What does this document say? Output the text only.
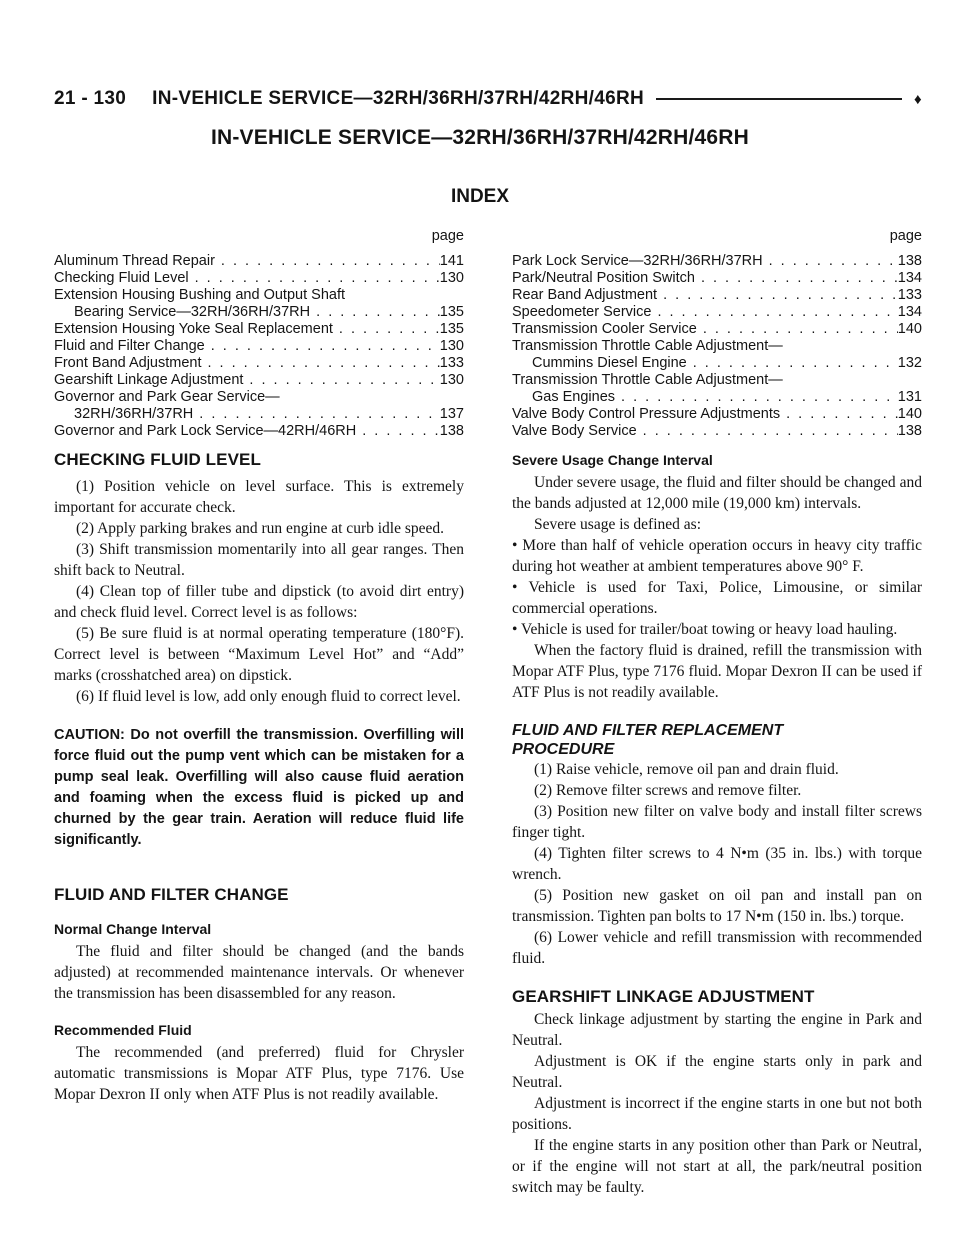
21 - 130 IN-VEHICLE SERVICE—32RH/36RH/37RH/42RH/46RH	♦
IN-VEHICLE SERVICE—32RH/36RH/37RH/42RH/46RH
INDEX
page
Aluminum Thread Repair . . .	141
Checking Fluid Level . . .	130
Extension Housing Bushing and Output Shaft
Bearing Service—32RH/36RH/37RH . . .	135
Extension Housing Yoke Seal Replacement . . .	135
Fluid and Filter Change . . .	130
Front Band Adjustment . . .	133
Gearshift Linkage Adjustment . . .	130
Governor and Park Gear Service—
32RH/36RH/37RH . . .	137
Governor and Park Lock Service—42RH/46RH . . .	138
page
Park Lock Service—32RH/36RH/37RH . . .	138
Park/Neutral Position Switch . . .	134
Rear Band Adjustment . . .	133
Speedometer Service . . .	134
Transmission Cooler Service . . .	140
Transmission Throttle Cable Adjustment—
Cummins Diesel Engine . . .	132
Transmission Throttle Cable Adjustment—
Gas Engines . . .	131
Valve Body Control Pressure Adjustments . . .	140
Valve Body Service . . .	138
CHECKING FLUID LEVEL

(1) Position vehicle on level surface. This is extremely important for accurate check.

(2) Apply parking brakes and run engine at curb idle speed.

(3) Shift transmission momentarily into all gear ranges. Then shift back to Neutral.

(4) Clean top of filler tube and dipstick (to avoid dirt entry) and check fluid level. Correct level is as follows:

(5) Be sure fluid is at normal operating temperature (180°F). Correct level is between “Maximum Level Hot” and “Add” marks (crosshatched area) on dipstick.

(6) If fluid level is low, add only enough fluid to correct level.

CAUTION: Do not overfill the transmission. Overfilling will force fluid out the pump vent which can be mistaken for a pump seal leak. Overfilling will also cause fluid aeration and foaming when the excess fluid is picked up and churned by the gear train. Aeration will reduce fluid life significantly.
FLUID AND FILTER CHANGE
Normal Change Interval

The fluid and filter should be changed (and the bands adjusted) at recommended maintenance intervals. Or whenever the transmission has been disassembled for any reason.

Recommended Fluid

The recommended (and preferred) fluid for Chrysler automatic transmissions is Mopar ATF Plus, type 7176. Use Mopar Dexron II only when ATF Plus is not readily available.

Severe Usage Change Interval

Under severe usage, the fluid and filter should be changed and the bands adjusted at 12,000 mile (19,000 km) intervals.

Severe usage is defined as:

• More than half of vehicle operation occurs in heavy city traffic during hot weather at ambient temperatures above 90° F.

• Vehicle is used for Taxi, Police, Limousine, or similar commercial operations.

• Vehicle is used for trailer/boat towing or heavy load hauling.

When the factory fluid is drained, refill the transmission with Mopar ATF Plus, type 7176 fluid. Mopar Dexron II can be used if ATF Plus is not readily available.

FLUID AND FILTER REPLACEMENT
PROCEDURE

(1) Raise vehicle, remove oil pan and drain fluid.

(2) Remove filter screws and remove filter.

(3) Position new filter on valve body and install filter screws finger tight.

(4) Tighten filter screws to 4 N•m (35 in. lbs.) with torque wrench.

(5) Position new gasket on oil pan and install pan on transmission. Tighten pan bolts to 17 N•m (150 in. lbs.) torque.

(6) Lower vehicle and refill transmission with recommended fluid.

GEARSHIFT LINKAGE ADJUSTMENT

Check linkage adjustment by starting the engine in Park and Neutral.

Adjustment is OK if the engine starts only in park and Neutral.

Adjustment is incorrect if the engine starts in one but not both positions.

If the engine starts in any position other than Park or Neutral, or if the engine will not start at all, the park/neutral position switch may be faulty.
